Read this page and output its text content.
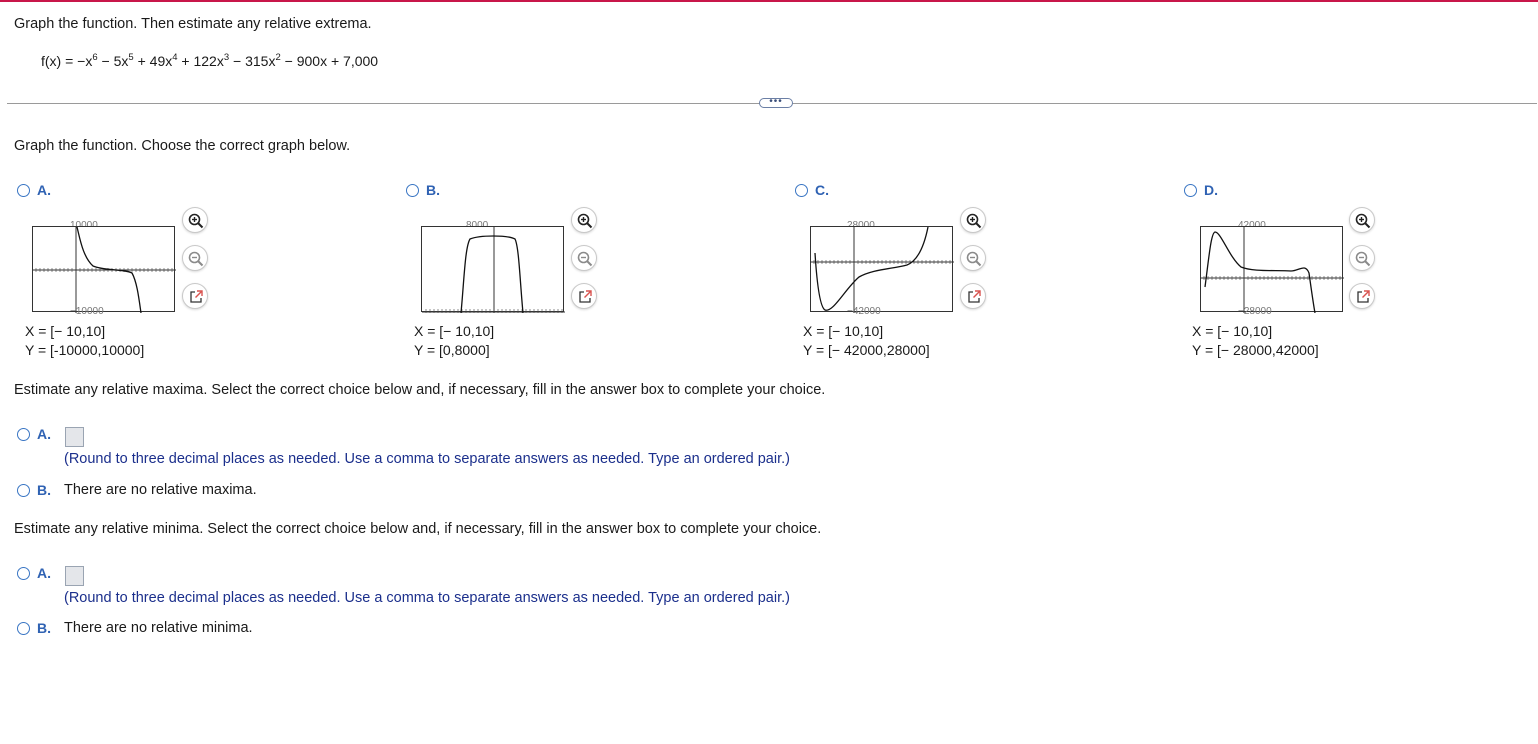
Graph the function. Then estimate any relative extrema.
$f(x) = -x^6 - 5x^5 + 49x^4 + 122x^3 - 315x^2 - 900x + 7,000$
•••
Graph the function. Choose the correct graph below.
A.
−10000
X = [− 10,10]
Y = [-10000,10000]
B.
X = [− 10,10]
Y = [0,8000]
C.
−42000
X = [− 10,10]
Y = [− 42000,28000]
D.
−28000
X = [− 10,10]
Y = [− 28000,42000]
Estimate any relative maxima. Select the correct choice below and, if necessary, fill in the answer box to complete your choice.
A.
(Round to three decimal places as needed. Use a comma to separate answers as needed. Type an ordered pair.)
B. There are no relative maxima.
Estimate any relative minima. Select the correct choice below and, if necessary, fill in the answer box to complete your choice.
A.
(Round to three decimal places as needed. Use a comma to separate answers as needed. Type an ordered pair.)
B. There are no relative minima.
